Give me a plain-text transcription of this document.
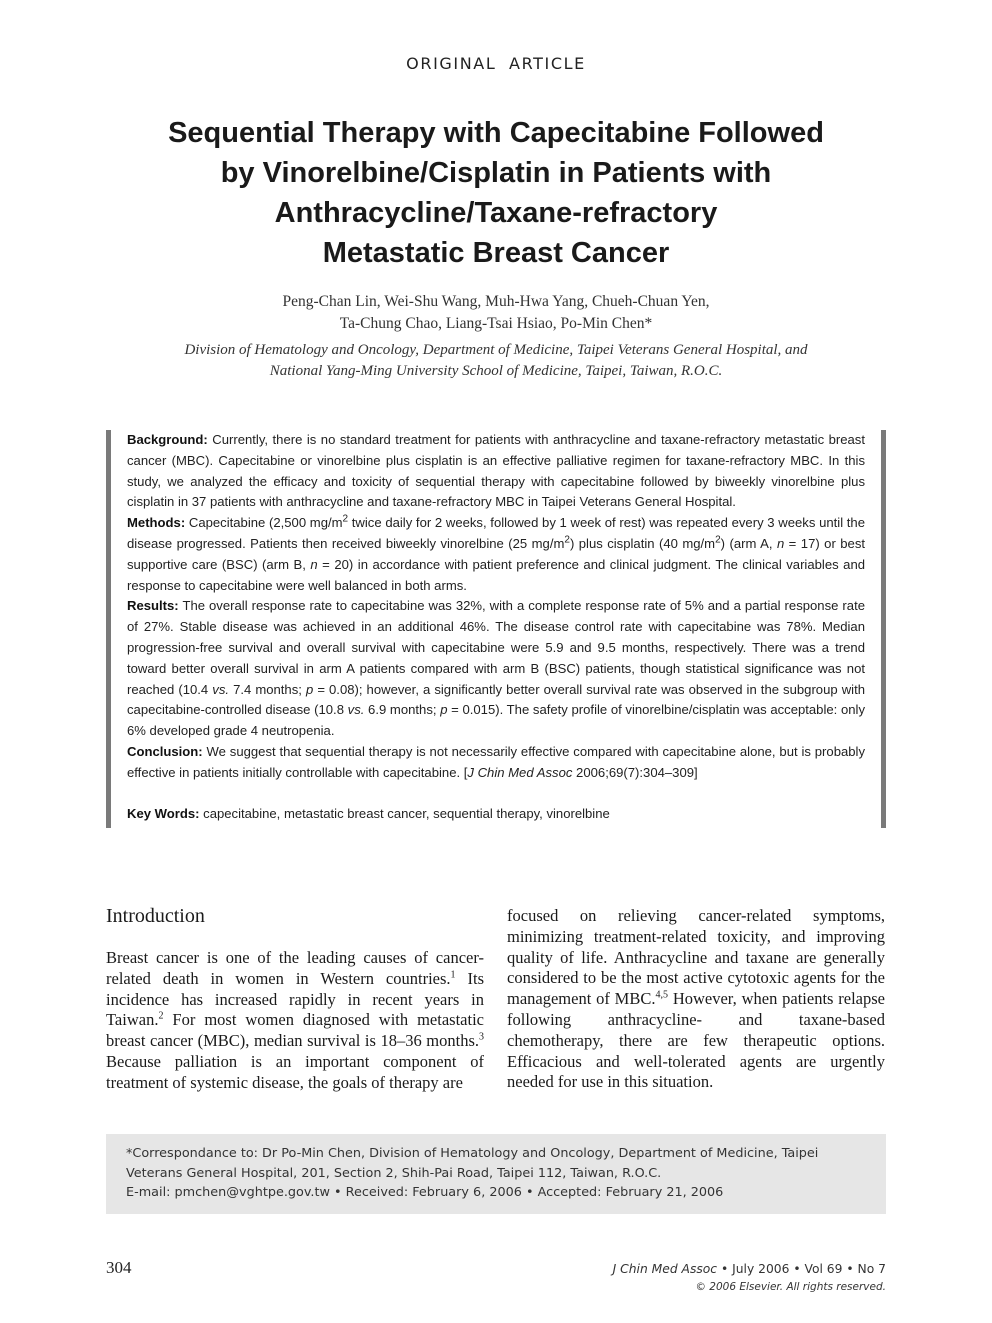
ORIGINAL ARTICLE
Sequential Therapy with Capecitabine Followed
by Vinorelbine/Cisplatin in Patients with
Anthracycline/Taxane-refractory
Metastatic Breast Cancer
Peng-Chan Lin, Wei-Shu Wang, Muh-Hwa Yang, Chueh-Chuan Yen,
Ta-Chung Chao, Liang-Tsai Hsiao, Po-Min Chen*
Division of Hematology and Oncology, Department of Medicine, Taipei Veterans General Hospital, and
National Yang-Ming University School of Medicine, Taipei, Taiwan, R.O.C.

Background: Currently, there is no standard treatment for patients with anthracycline and taxane-refractory metastatic breast cancer (MBC). Capecitabine or vinorelbine plus cisplatin is an effective palliative regimen for taxane-refractory MBC. In this study, we analyzed the efficacy and toxicity of sequential therapy with capecitabine followed by biweekly vinorelbine plus cisplatin in 37 patients with anthracycline and taxane-refractory MBC in Taipei Veterans General Hospital.

Methods: Capecitabine (2,500 $mg/m^2$ twice daily for 2 weeks, followed by 1 week of rest) was repeated every 3 weeks until the disease progressed. Patients then received biweekly vinorelbine (25 $mg/m^2$) plus cisplatin (40 $mg/m^2$) (arm A, n = 17) or best supportive care (BSC) (arm B, n = 20) in accordance with patient preference and clinical judgment. The clinical variables and response to capecitabine were well balanced in both arms.

Results: The overall response rate to capecitabine was 32%, with a complete response rate of 5% and a partial response rate of 27%. Stable disease was achieved in an additional 46%. The disease control rate with capecitabine was 78%. Median progression-free survival and overall survival with capecitabine were 5.9 and 9.5 months, respectively. There was a trend toward better overall survival in arm A patients compared with arm B (BSC) patients, though statistical significance was not reached (10.4 vs. 7.4 months; p = 0.08); however, a significantly better overall survival rate was observed in the subgroup with capecitabine-controlled disease (10.8 vs. 6.9 months; p = 0.015). The safety profile of vinorelbine/cisplatin was acceptable: only 6% developed grade 4 neutropenia.

Conclusion: We suggest that sequential therapy is not necessarily effective compared with capecitabine alone, but is probably effective in patients initially controllable with capecitabine. [J Chin Med Assoc 2006;69(7):304–309]

Key Words: capecitabine, metastatic breast cancer, sequential therapy, vinorelbine

Introduction

Breast cancer is one of the leading causes of cancer-related death in women in Western countries.$^1$ Its incidence has increased rapidly in recent years in Taiwan.$^2$ For most women diagnosed with metastatic breast cancer (MBC), median survival is 18–36 months.$^3$ Because palliation is an important component of treatment of systemic disease, the goals of therapy are

focused on relieving cancer-related symptoms, minimizing treatment-related toxicity, and improving quality of life. Anthracycline and taxane are generally considered to be the most active cytotoxic agents for the management of MBC.$^{4,5}$ However, when patients relapse following anthracycline- and taxane-based chemotherapy, there are few therapeutic options. Efficacious and well-tolerated agents are urgently needed for use in this situation.

*Correspondance to: Dr Po-Min Chen, Division of Hematology and Oncology, Department of Medicine, Taipei

Veterans General Hospital, 201, Section 2, Shih-Pai Road, Taipei 112, Taiwan, R.O.C.

E-mail: pmchen@vghtpe.gov.tw • Received: February 6, 2006 • Accepted: February 21, 2006

304	J Chin Med Assoc • July 2006 • Vol 69 • No 7
© 2006 Elsevier. All rights reserved.
